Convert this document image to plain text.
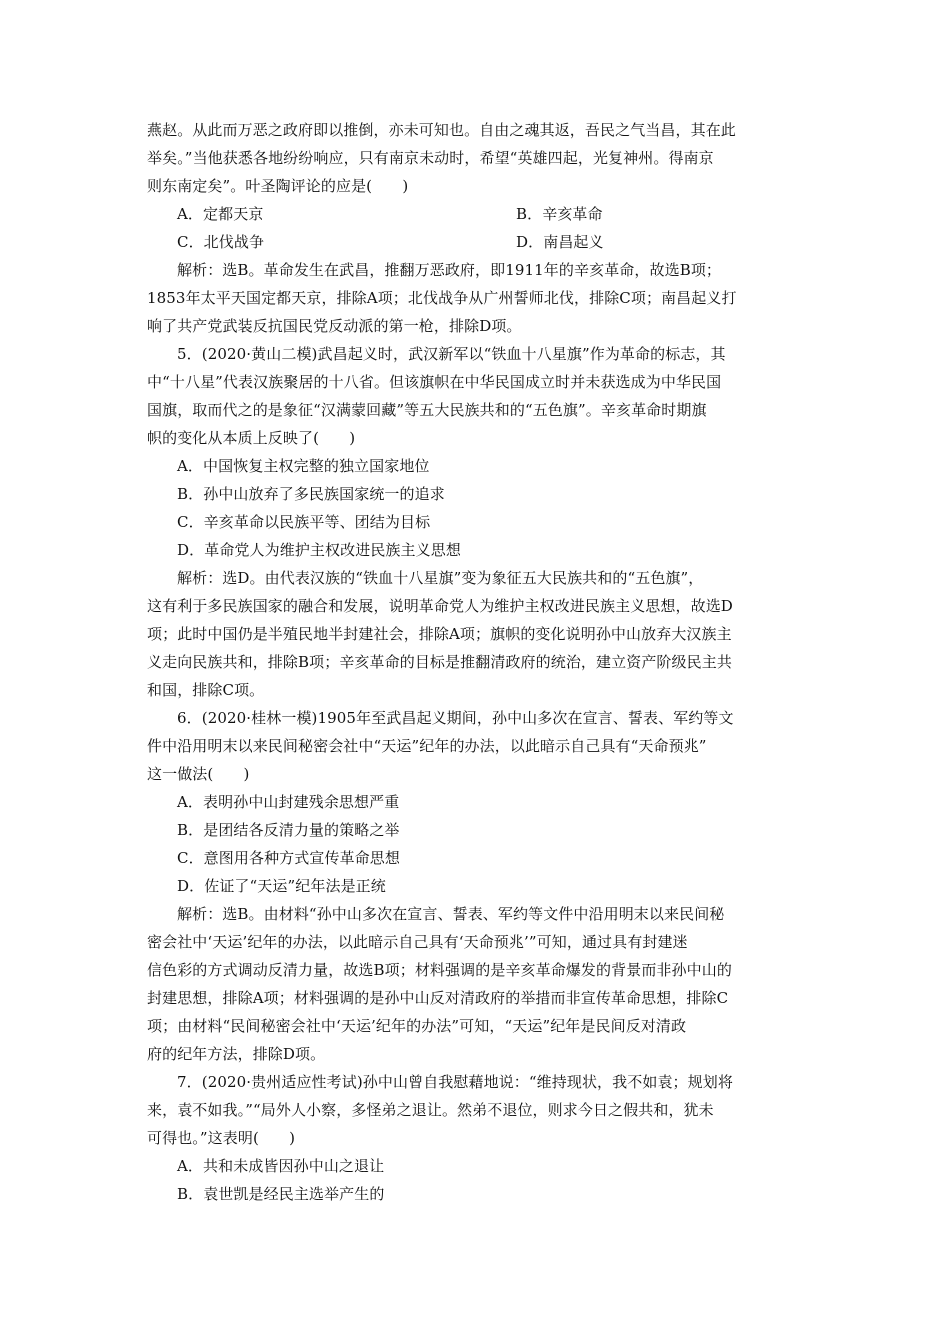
燕赵。从此而万恶之政府即以推倒，亦未可知也。自由之魂其返，吾民之气当昌，其在此
举矣。”当他获悉各地纷纷响应，只有南京未动时，希望“英雄四起，光复神州。得南京
则东南定矣”。叶圣陶评论的应是(　　)
A．定都天京	B．辛亥革命
C．北伐战争	D．南昌起义
解析：选B。革命发生在武昌，推翻万恶政府，即1911年的辛亥革命，故选B项；
1853年太平天国定都天京，排除A项；北伐战争从广州誓师北伐，排除C项；南昌起义打
响了共产党武装反抗国民党反动派的第一枪，排除D项。
5．(2020·黄山二模)武昌起义时，武汉新军以“铁血十八星旗”作为革命的标志，其
中“十八星”代表汉族聚居的十八省。但该旗帜在中华民国成立时并未获选成为中华民国
国旗，取而代之的是象征“汉满蒙回藏”等五大民族共和的“五色旗”。辛亥革命时期旗
帜的变化从本质上反映了(　　)
A．中国恢复主权完整的独立国家地位
B．孙中山放弃了多民族国家统一的追求
C．辛亥革命以民族平等、团结为目标
D．革命党人为维护主权改进民族主义思想
解析：选D。由代表汉族的“铁血十八星旗”变为象征五大民族共和的“五色旗”，
这有利于多民族国家的融合和发展，说明革命党人为维护主权改进民族主义思想，故选D
项；此时中国仍是半殖民地半封建社会，排除A项；旗帜的变化说明孙中山放弃大汉族主
义走向民族共和，排除B项；辛亥革命的目标是推翻清政府的统治，建立资产阶级民主共
和国，排除C项。
6．(2020·桂林一模)1905年至武昌起义期间，孙中山多次在宣言、誓表、军约等文
件中沿用明末以来民间秘密会社中“天运”纪年的办法，以此暗示自己具有“天命预兆”
这一做法(　　)
A．表明孙中山封建残余思想严重
B．是团结各反清力量的策略之举
C．意图用各种方式宣传革命思想
D．佐证了“天运”纪年法是正统
解析：选B。由材料“孙中山多次在宣言、誓表、军约等文件中沿用明末以来民间秘
密会社中‘天运’纪年的办法，以此暗示自己具有‘天命预兆’”可知，通过具有封建迷
信色彩的方式调动反清力量，故选B项；材料强调的是辛亥革命爆发的背景而非孙中山的
封建思想，排除A项；材料强调的是孙中山反对清政府的举措而非宣传革命思想，排除C
项；由材料“民间秘密会社中‘天运’纪年的办法”可知，“天运”纪年是民间反对清政
府的纪年方法，排除D项。
7．(2020·贵州适应性考试)孙中山曾自我慰藉地说：“维持现状，我不如袁；规划将
来，袁不如我。”“局外人小察，多怪弟之退让。然弟不退位，则求今日之假共和，犹未
可得也。”这表明(　　)
A．共和未成皆因孙中山之退让
B．袁世凯是经民主选举产生的
